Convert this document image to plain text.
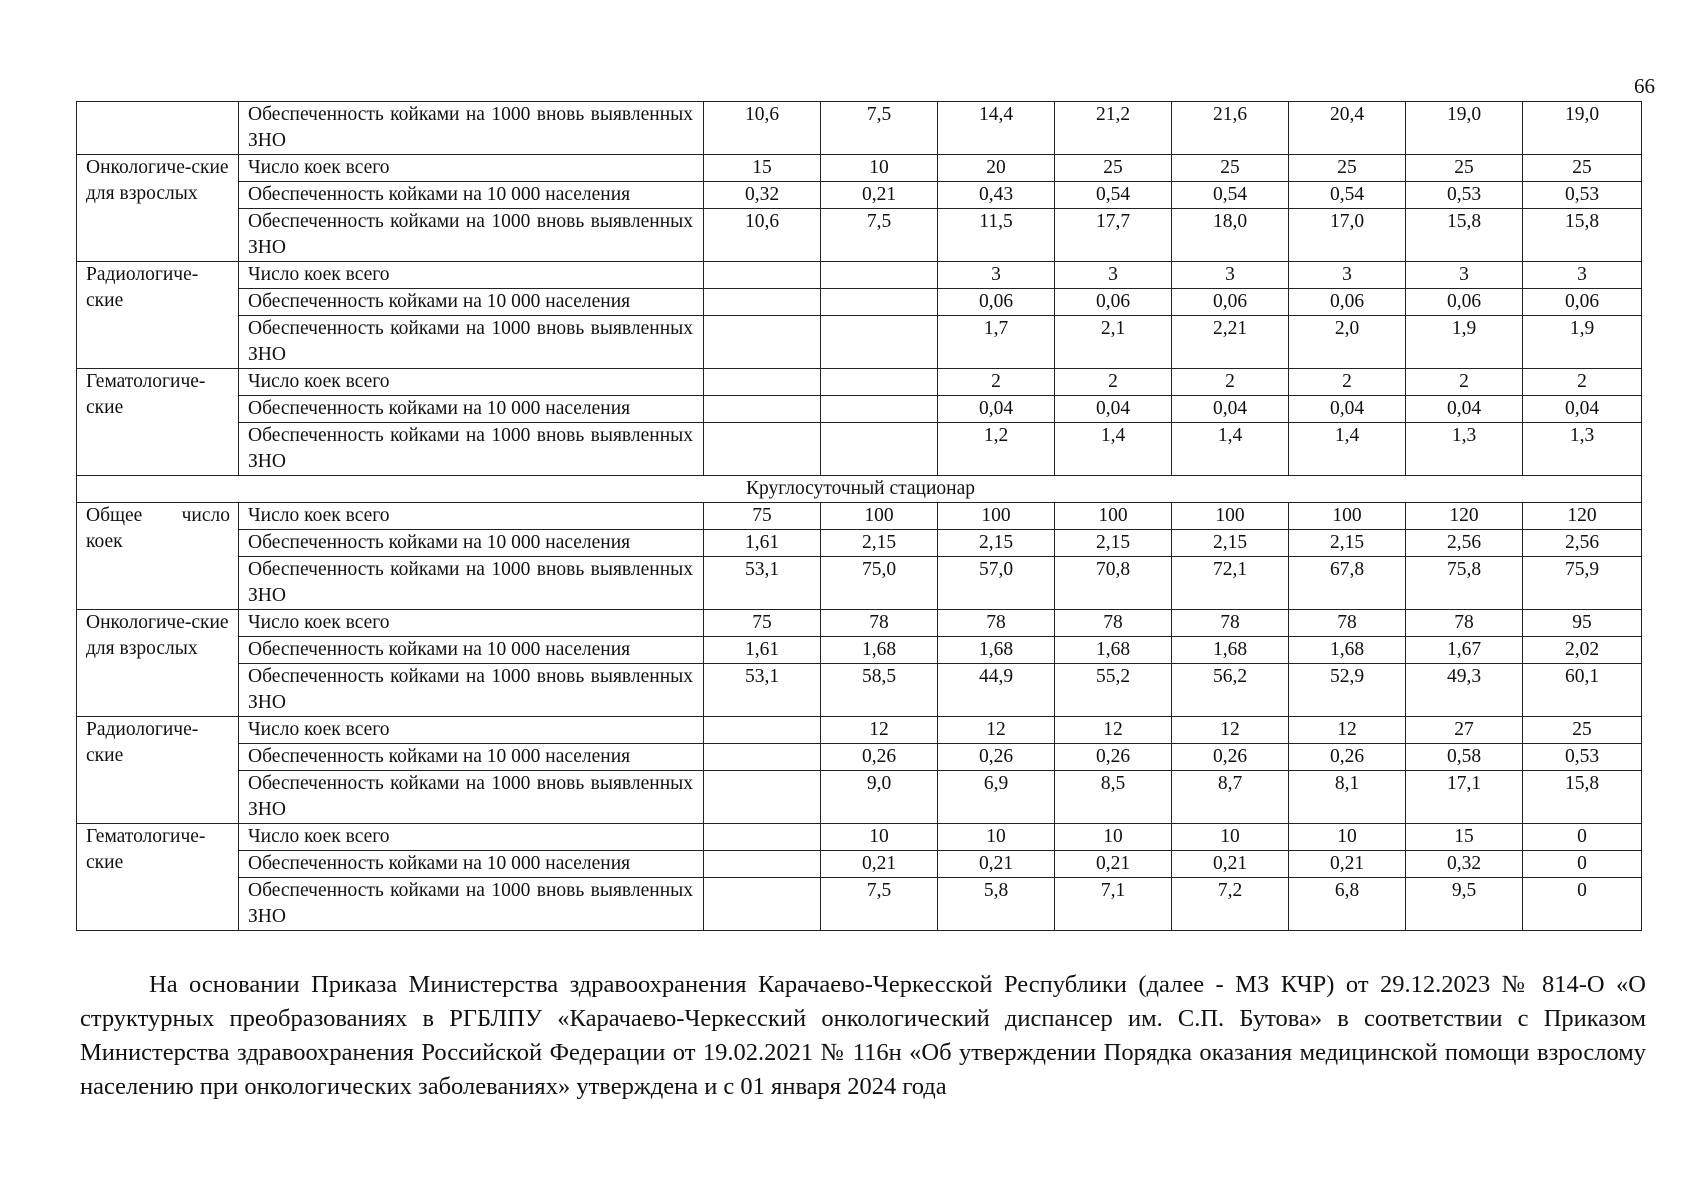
66
	Обеспеченность койками на 1000 вновь выявленных ЗНО	10,6	7,5	14,4	21,2	21,6	20,4	19,0	19,0
Онкологиче-ские для взрослых	Число коек всего	15	10	20	25	25	25	25	25
	Обеспеченность койками на 10 000 населения	0,32	0,21	0,43	0,54	0,54	0,54	0,53	0,53
	Обеспеченность койками на 1000 вновь выявленных ЗНО	10,6	7,5	11,5	17,7	18,0	17,0	15,8	15,8
Радиологиче-ские	Число коек всего			3	3	3	3	3	3
	Обеспеченность койками на 10 000 населения			0,06	0,06	0,06	0,06	0,06	0,06
	Обеспеченность койками на 1000 вновь выявленных ЗНО			1,7	2,1	2,21	2,0	1,9	1,9
Гематологиче-ские	Число коек всего			2	2	2	2	2	2
	Обеспеченность койками на 10 000 населения			0,04	0,04	0,04	0,04	0,04	0,04
	Обеспеченность койками на 1000 вновь выявленных ЗНО			1,2	1,4	1,4	1,4	1,3	1,3
Круглосуточный стационар									
Общее число коек	Число коек всего	75	100	100	100	100	100	120	120
	Обеспеченность койками на 10 000 населения	1,61	2,15	2,15	2,15	2,15	2,15	2,56	2,56
	Обеспеченность койками на 1000 вновь выявленных ЗНО	53,1	75,0	57,0	70,8	72,1	67,8	75,8	75,9
Онкологиче-ские для взрослых	Число коек всего	75	78	78	78	78	78	78	95
	Обеспеченность койками на 10 000 населения	1,61	1,68	1,68	1,68	1,68	1,68	1,67	2,02
	Обеспеченность койками на 1000 вновь выявленных ЗНО	53,1	58,5	44,9	55,2	56,2	52,9	49,3	60,1
Радиологиче-ские	Число коек всего		12	12	12	12	12	27	25
	Обеспеченность койками на 10 000 населения		0,26	0,26	0,26	0,26	0,26	0,58	0,53
	Обеспеченность койками на 1000 вновь выявленных ЗНО		9,0	6,9	8,5	8,7	8,1	17,1	15,8
Гематологиче-ские	Число коек всего		10	10	10	10	10	15	0
	Обеспеченность койками на 10 000 населения		0,21	0,21	0,21	0,21	0,21	0,32	0
	Обеспеченность койками на 1000 вновь выявленных ЗНО		7,5	5,8	7,1	7,2	6,8	9,5	0
На основании Приказа Министерства здравоохранения Карачаево-Черкесской Республики (далее - МЗ КЧР) от 29.12.2023 № 814-О «О структурных преобразованиях в РГБЛПУ «Карачаево-Черкесский онкологический диспансер им. С.П. Бутова» в соответствии с Приказом Министерства здравоохранения Российской Федерации от 19.02.2021 № 116н «Об утверждении Порядка оказания медицинской помощи взрослому населению при онкологических заболеваниях» утверждена и с 01 января 2024 года
